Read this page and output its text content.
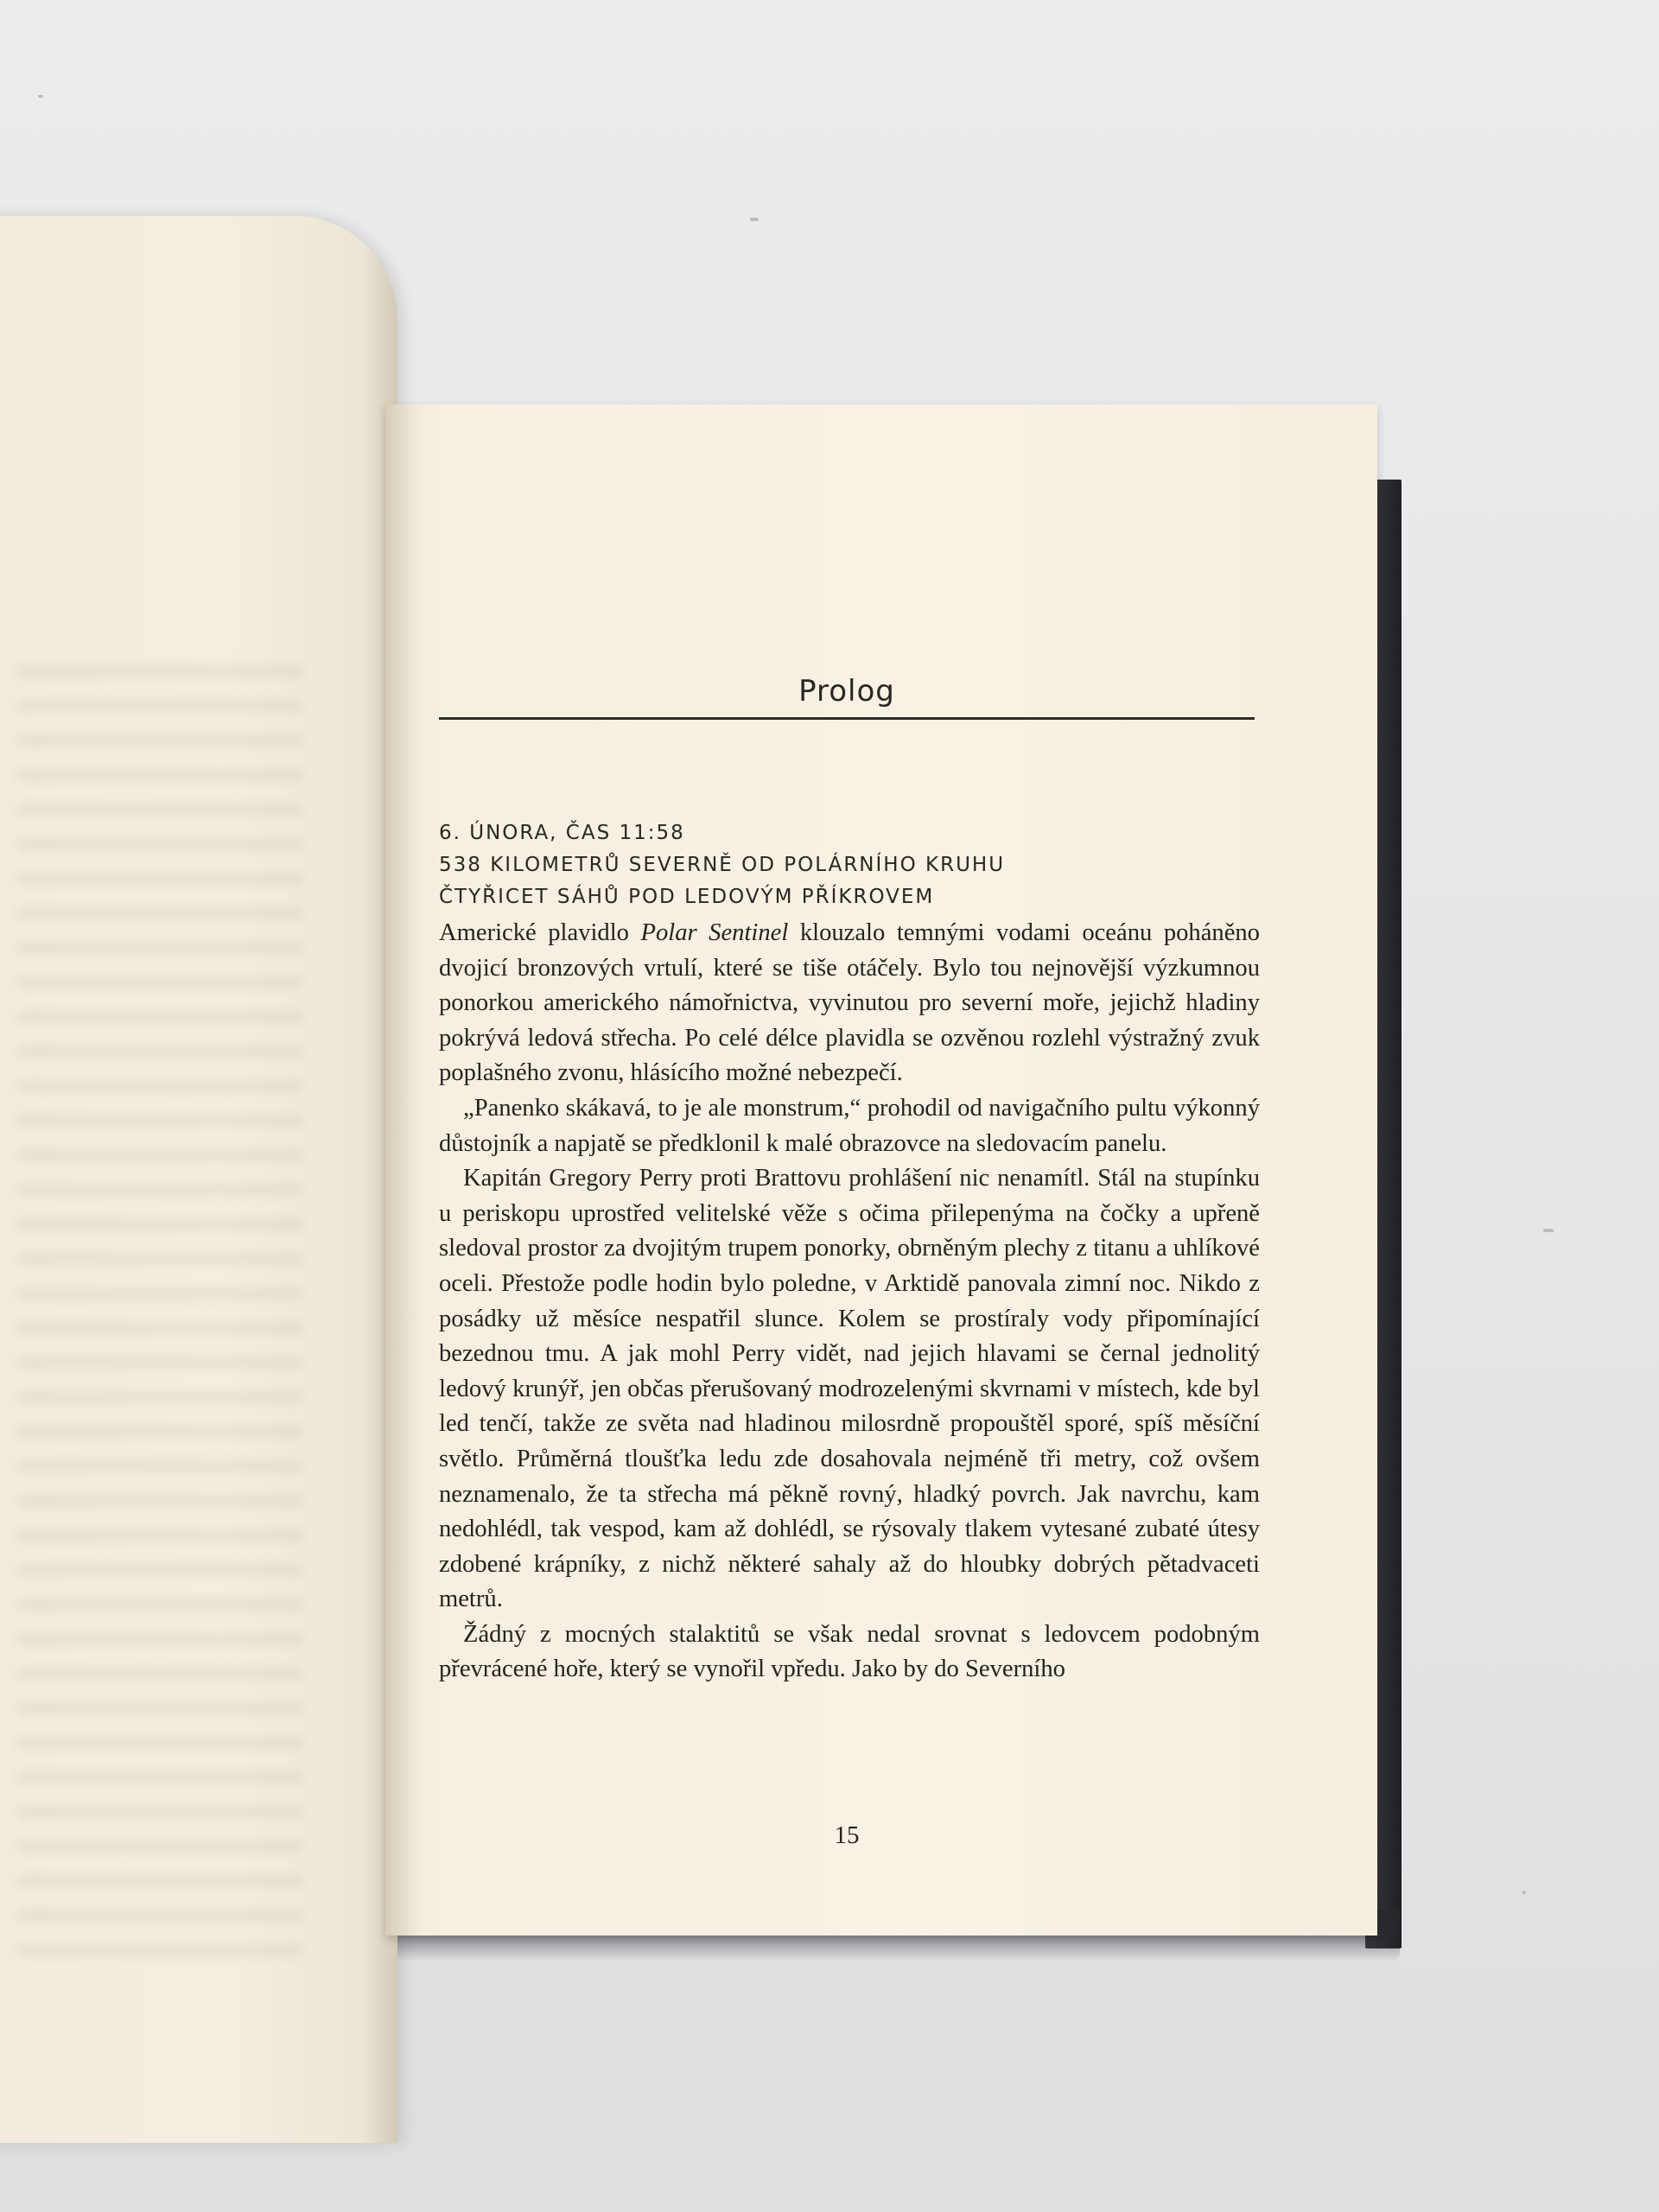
Prolog
6. ÚNORA, ČAS 11:58
538 KILOMETRŮ SEVERNĚ OD POLÁRNÍHO KRUHU
ČTYŘICET SÁHŮ POD LEDOVÝM PŘÍKROVEM

Americké plavidlo Polar Sentinel klouzalo temnými vodami oceánu poháněno dvojicí bronzových vrtulí, které se tiše otáčely. Bylo tou nejnovější výzkumnou ponorkou amerického námořnictva, vyvinutou pro severní moře, jejichž hladiny pokrývá ledová střecha. Po celé délce plavidla se ozvěnou rozlehl výstražný zvuk poplašného zvonu, hlásícího možné nebezpečí.

„Panenko skákavá, to je ale monstrum,“ prohodil od navigačního pultu výkonný důstojník a napjatě se předklonil k malé obrazovce na sledovacím panelu.

Kapitán Gregory Perry proti Brattovu prohlášení nic nenamítl. Stál na stupínku u periskopu uprostřed velitelské věže s očima přilepenýma na čočky a upřeně sledoval prostor za dvojitým trupem ponorky, obrněným plechy z titanu a uhlíkové oceli. Přestože podle hodin bylo poledne, v Arktidě panovala zimní noc. Nikdo z posádky už měsíce nespatřil slunce. Kolem se prostíraly vody připomínající bezednou tmu. A jak mohl Perry vidět, nad jejich hlavami se černal jednolitý ledový krunýř, jen občas přerušovaný modrozelenými skvrnami v místech, kde byl led tenčí, takže ze světa nad hladinou milosrdně propouštěl sporé, spíš měsíční světlo. Průměrná tloušťka ledu zde dosahovala nejméně tři metry, což ovšem neznamenalo, že ta střecha má pěkně rovný, hladký povrch. Jak navrchu, kam nedohlédl, tak vespod, kam až dohlédl, se rýsovaly tlakem vytesané zubaté útesy zdobené krápníky, z nichž některé sahaly až do hloubky dobrých pětadvaceti metrů.

Žádný z mocných stalaktitů se však nedal srovnat s ledovcem podobným převrácené hoře, který se vynořil vpředu. Jako by do Severního

15
